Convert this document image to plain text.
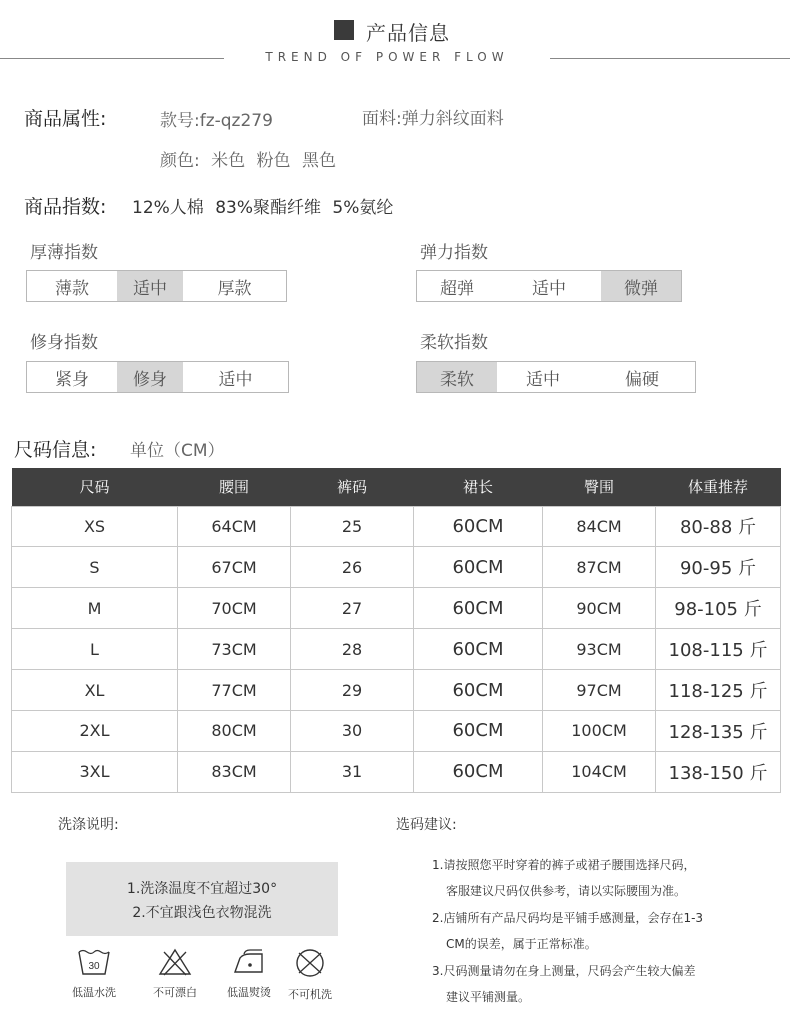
产品信息
TREND OF POWER FLOW
商品属性:	款号:fz-qz279	面料:弹力斜纹面料
颜色: 米色 粉色 黑色
商品指数: 12%人棉 83%聚酯纤维 5%氨纶
厚薄指数
薄款	适中	厚款
弹力指数
超弹	适中	微弹
修身指数
紧身	修身	适中
柔软指数
柔软	适中	偏硬
尺码信息: 单位（CM）
尺码	腰围	裤码	裙长	臀围	体重推荐
XS	64CM	25	60CM	84CM	80-88 斤
S	67CM	26	60CM	87CM	90-95 斤
M	70CM	27	60CM	90CM	98-105 斤
L	73CM	28	60CM	93CM	108-115 斤
XL	77CM	29	60CM	97CM	118-125 斤
2XL	80CM	30	60CM	100CM	128-135 斤
3XL	83CM	31	60CM	104CM	138-150 斤
洗涤说明:
1.洗涤温度不宜超过30°
2.不宜跟浅色衣物混洗
30
低温水洗	不可漂白	低温熨烫	不可机洗
选码建议:
1.请按照您平时穿着的裤子或裙子腰围选择尺码，
客服建议尺码仅供参考，请以实际腰围为准。
2.店铺所有产品尺码均是平铺手感测量，会存在1-3
CM的误差，属于正常标准。
3.尺码测量请勿在身上测量，尺码会产生较大偏差
建议平铺测量。
